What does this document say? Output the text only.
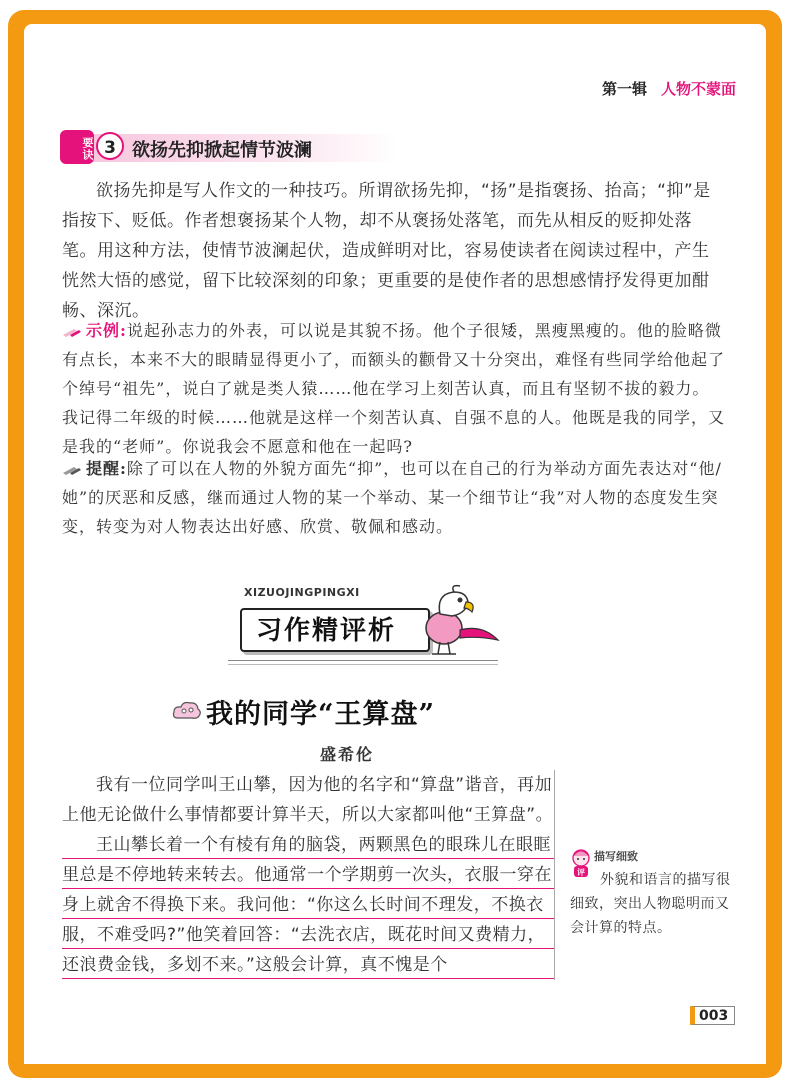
第一辑 人物不蒙面
要诀 3 欲扬先抑掀起情节波澜
欲扬先抑是写人作文的一种技巧。所谓欲扬先抑，“扬”是指褒扬、抬高；“抑”是指按下、贬低。作者想褒扬某个人物，却不从褒扬处落笔，而先从相反的贬抑处落笔。用这种方法，使情节波澜起伏，造成鲜明对比，容易使读者在阅读过程中，产生恍然大悟的感觉，留下比较深刻的印象；更重要的是使作者的思想感情抒发得更加酣畅、深沉。
示例:说起孙志力的外表，可以说是其貌不扬。他个子很矮，黑瘦黑瘦的。他的脸略微有点长，本来不大的眼睛显得更小了，而额头的颧骨又十分突出，难怪有些同学给他起了个绰号“祖先”，说白了就是类人猿……他在学习上刻苦认真，而且有坚韧不拔的毅力。我记得二年级的时候……他就是这样一个刻苦认真、自强不息的人。他既是我的同学，又是我的“老师”。你说我会不愿意和他在一起吗?
提醒:除了可以在人物的外貌方面先“抑”，也可以在自己的行为举动方面先表达对“他/她”的厌恶和反感，继而通过人物的某一个举动、某一个细节让“我”对人物的态度发生突变，转变为对人物表达出好感、欣赏、敬佩和感动。
XIZUOJINGPINGXI
习作精评析
我的同学“王算盘”
盛希伦

我有一位同学叫王山攀，因为他的名字和“算盘”谐音，再加上他无论做什么事情都要计算半天，所以大家都叫他“王算盘”。

王山攀长着一个有棱有角的脑袋，两颗黑色的眼珠儿在眼眶里总是不停地转来转去。他通常一个学期剪一次头，衣服一穿在身上就舍不得换下来。我问他：“你这么长时间不理发，不换衣服，不难受吗?”他笑着回答：“去洗衣店，既花时间又费精力，还浪费金钱，多划不来。”这般会计算，真不愧是个

评
描写细致
外貌和语言的描写很细致，突出人物聪明而又会计算的特点。
003
